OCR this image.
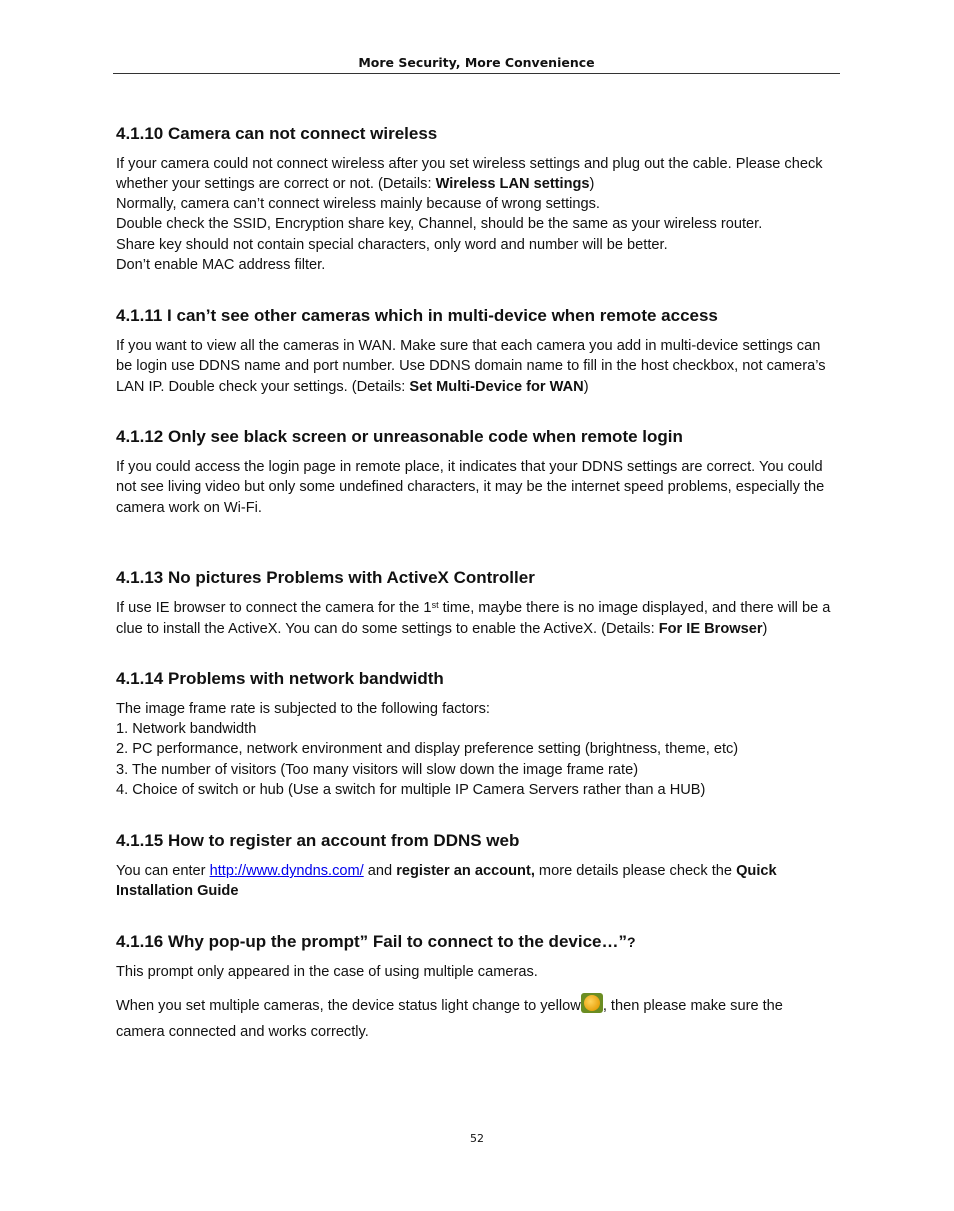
More Security, More Convenience
4.1.10 Camera can not connect wireless

If your camera could not connect wireless after you set wireless settings and plug out the cable. Please check whether your settings are correct or not. (Details: Wireless LAN settings)

Normally, camera can’t connect wireless mainly because of wrong settings.

Double check the SSID, Encryption share key, Channel, should be the same as your wireless router.

Share key should not contain special characters, only word and number will be better.

Don’t enable MAC address filter.

4.1.11 I can’t see other cameras which in multi-device when remote access

If you want to view all the cameras in WAN. Make sure that each camera you add in multi-device settings can be login use DDNS name and port number. Use DDNS domain name to fill in the host checkbox, not camera’s LAN IP. Double check your settings. (Details: Set Multi-Device for WAN)

4.1.12 Only see black screen or unreasonable code when remote login

If you could access the login page in remote place, it indicates that your DDNS settings are correct. You could not see living video but only some undefined characters, it may be the internet speed problems, especially the camera work on Wi-Fi.

4.1.13 No pictures Problems with ActiveX Controller

If use IE browser to connect the camera for the 1st time, maybe there is no image displayed, and there will be a clue to install the ActiveX. You can do some settings to enable the ActiveX. (Details: For IE Browser)

4.1.14 Problems with network bandwidth

The image frame rate is subjected to the following factors:

1. Network bandwidth

2. PC performance, network environment and display preference setting (brightness, theme, etc)

3. The number of visitors (Too many visitors will slow down the image frame rate)

4. Choice of switch or hub (Use a switch for multiple IP Camera Servers rather than a HUB)

4.1.15 How to register an account from DDNS web

You can enter http://www.dyndns.com/ and register an account, more details please check the Quick Installation Guide

4.1.16 Why pop-up the prompt” Fail to connect to the device…”?

This prompt only appeared in the case of using multiple cameras.

When you set multiple cameras, the device status light change to yellow , then please make sure the

camera connected and works correctly.

52
